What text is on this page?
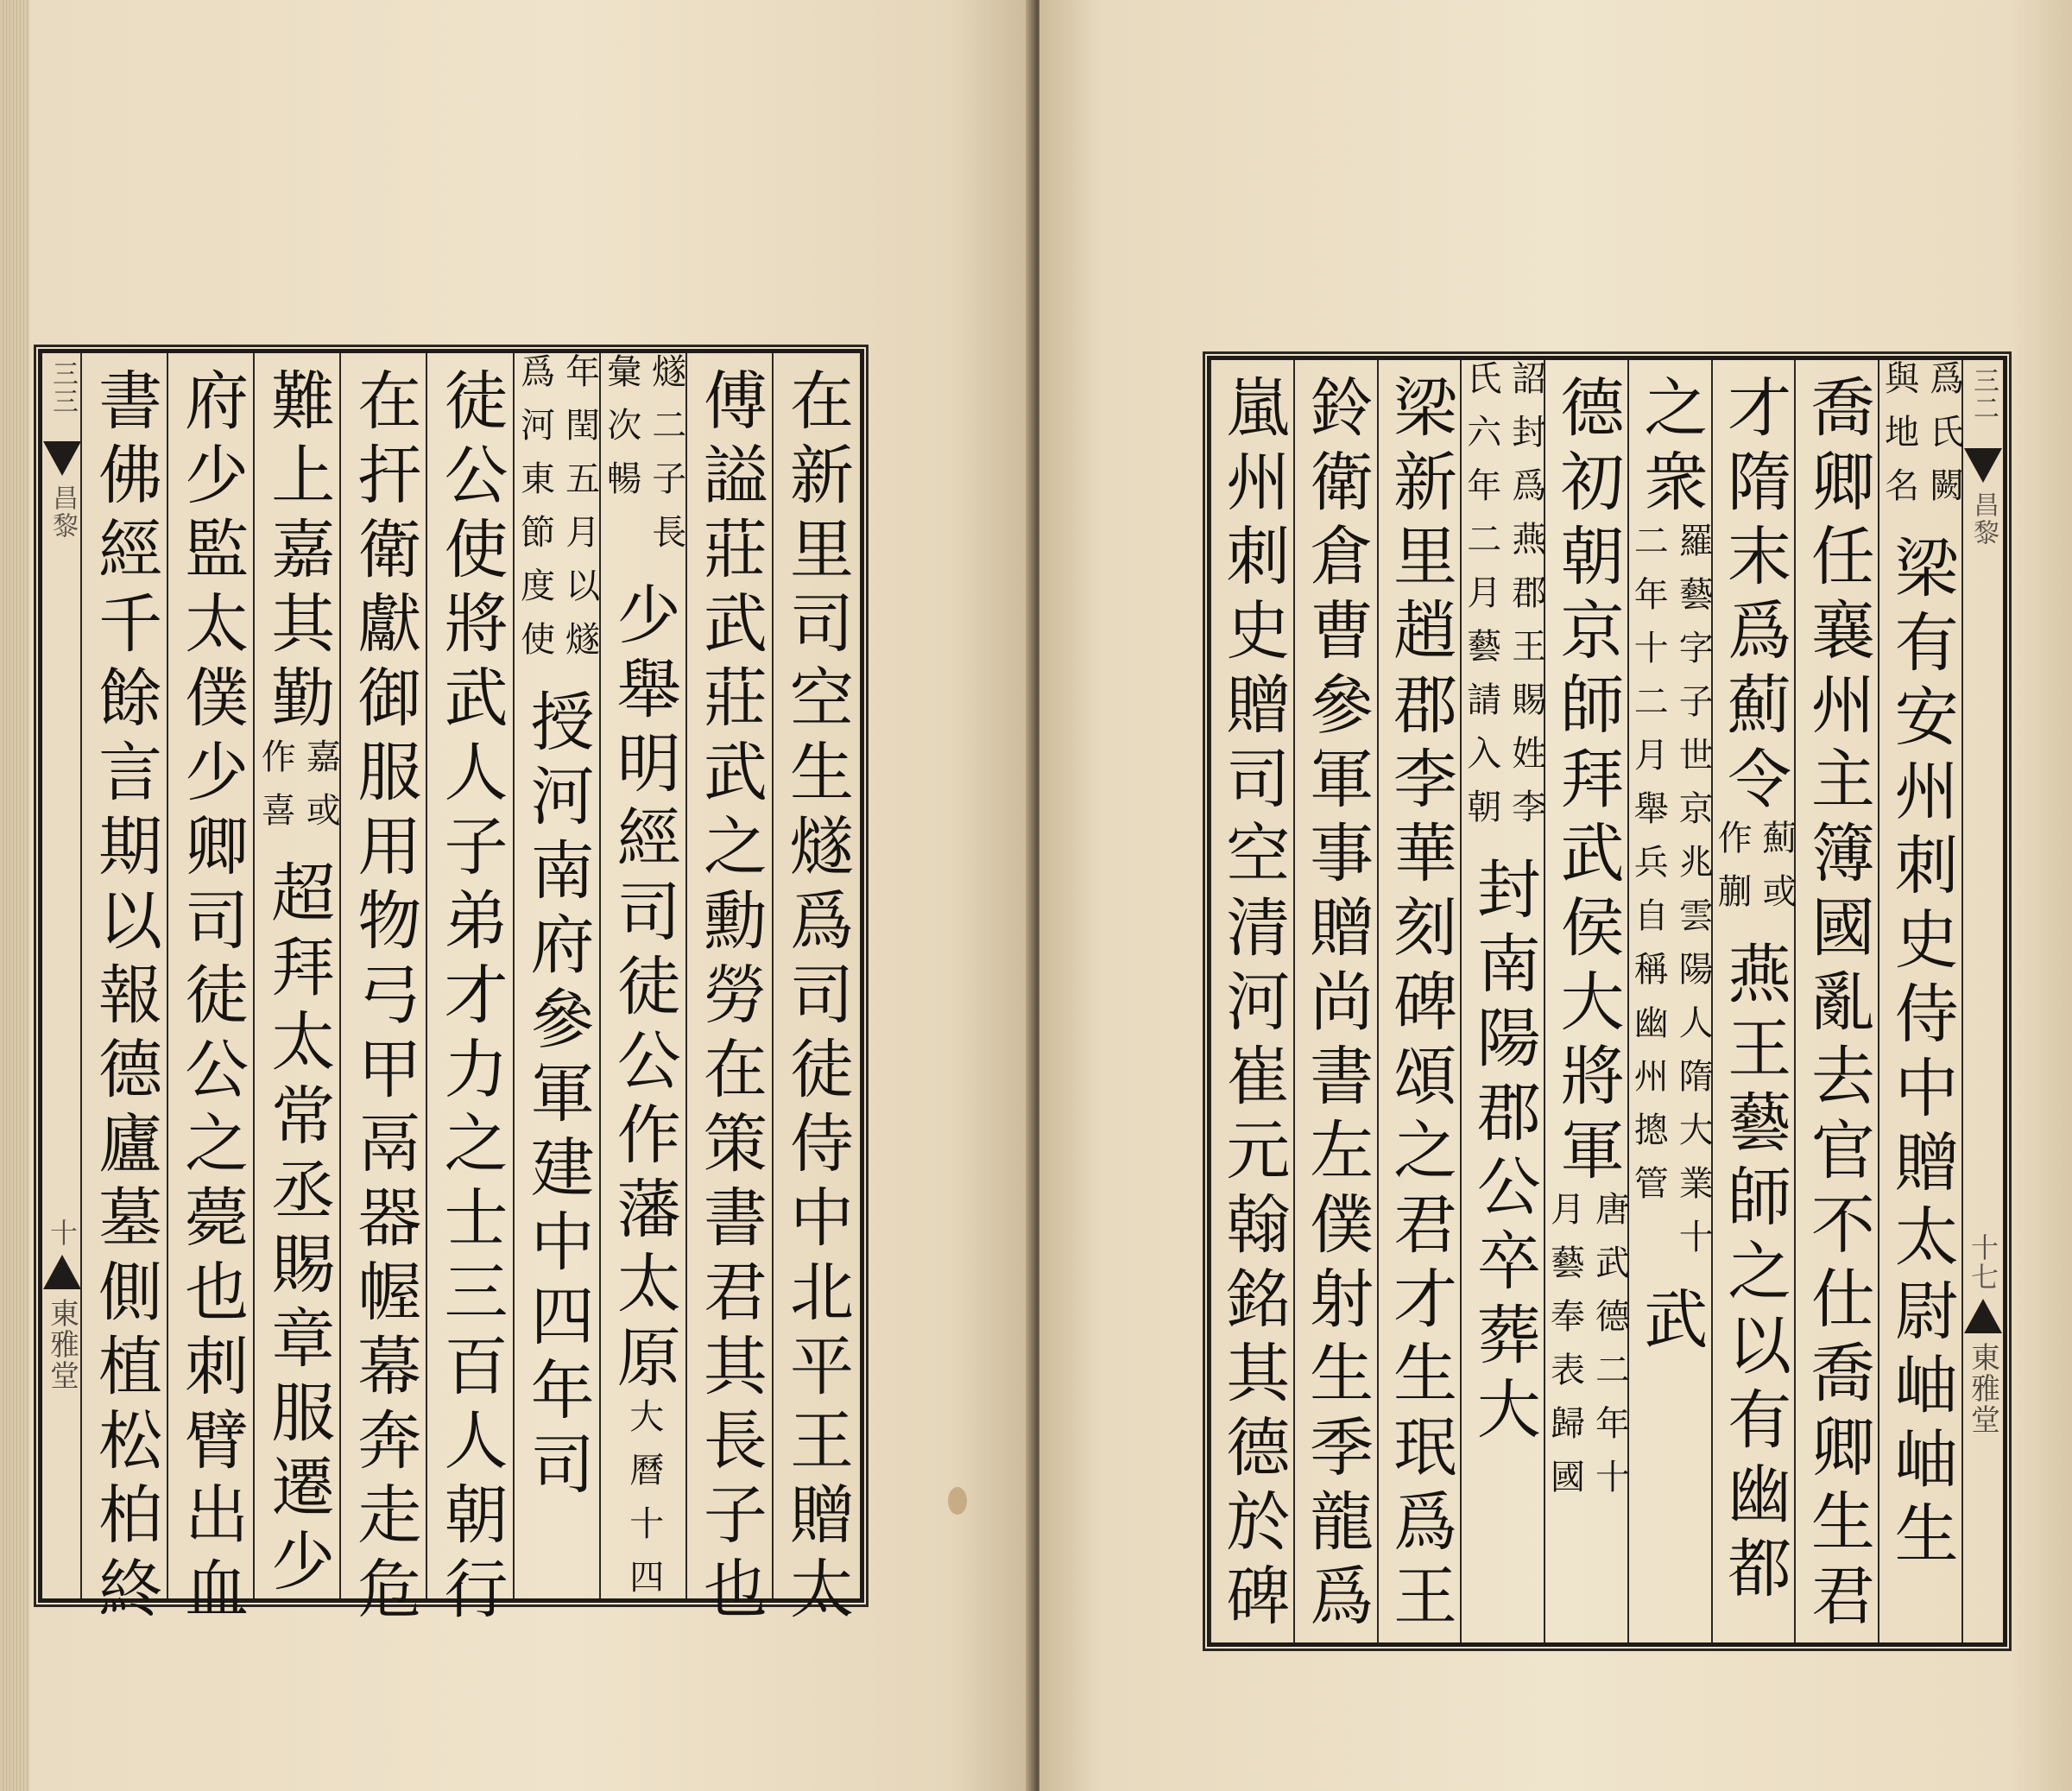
三三
昌黎
十
東雅堂	在新里司空生燧爲司徒侍中北平王贈太
傅謚莊武莊武之勳勞在策書君其長子也
燧二子長
彙次暢
少舉明經司徒公作藩太原
大曆十四
年閏五月以燧
爲河東節度使
授河南府參軍建中四年司
徒公使將武人子弟才力之士三百人朝行
在扞衛獻御服用物弓甲鬲器幄幕奔走危
難上嘉其勤
嘉或
作喜
超拜太常丞賜章服遷少
府少監太僕少卿司徒公之薨也刺臂出血
書佛經千餘言期以報德廬墓側植松柏終	三二
昌黎
十七
東雅堂
爲氏闕
與地名
梁有安州刺史侍中贈太尉岫岫生
喬卿任襄州主簿國亂去官不仕喬卿生君
才隋末爲薊令
薊或
作蒯
燕王藝師之以有幽都
之衆
羅藝字子
二年十二
世京兆雲陽人隋大業十
月舉兵自稱幽州摠管
武
德初朝京師拜武侯大將軍
唐武德二年十
月藝奉表歸國
詔封爲燕郡王賜姓李
氏六年二月藝請入朝
封南陽郡公卒葬大
梁新里趙郡李華刻碑頌之君才生珉爲王
鈴衛倉曹參軍事贈尚書左僕射生季龍爲
嵐州刺史贈司空清河崔元翰銘其德於碑
